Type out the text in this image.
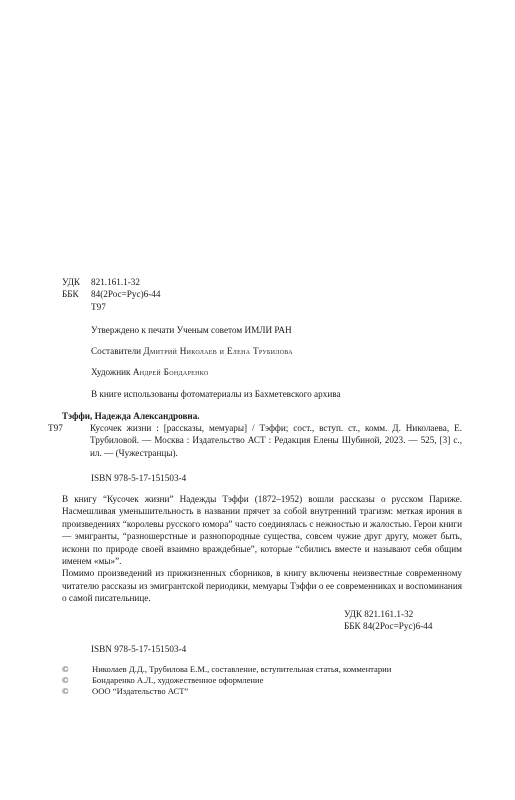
УДК	821.161.1-32
ББК	84(2Рос=Рус)6-44
Т97
Утверждено к печати Ученым советом ИМЛИ РАН
Составители Дмитрий Николаев и Елена Трубилова
Художник Андрей Бондаренко
В книге использованы фотоматериалы из Бахметевского архива
Тэффи, Надежда Александровна.
Т97	Кусочек жизни : [рассказы, мемуары] / Тэффи; сост., вступ. ст., комм. Д. Николаева, Е. Трубиловой. — Москва : Издательство АСТ : Редакция Елены Шубиной, 2023. — 525, [3] с., ил. — (Чужестранцы).
ISBN 978-5-17-151503-4
В книгу “Кусочек жизни” Надежды Тэффи (1872–1952) вошли рассказы о русском Париже. Насмешливая уменьшительность в названии прячет за собой внутренний трагизм: меткая ирония в произведениях “королевы русского юмора” часто соединялась с нежностью и жалостью. Герои книги — эмигранты, “разношерстные и разнопородные существа, совсем чужие друг другу, может быть, искони по природе своей взаимно враждебные”, которые “сбились вместе и называют себя общим именем «мы»”.
Помимо произведений из прижизненных сборников, в книгу включены неизвестные современному читателю рассказы из эмигрантской периодики, мемуары Тэффи о ее современниках и воспоминания о самой писательнице.
УДК 821.161.1-32
ББК 84(2Рос=Рус)6-44
ISBN 978-5-17-151503-4
©	Николаев Д.Д., Трубилова Е.М., составление, вступительная статья, комментарии
©	Бондаренко А.Л., художественное оформление
©	ООО “Издательство АСТ”
